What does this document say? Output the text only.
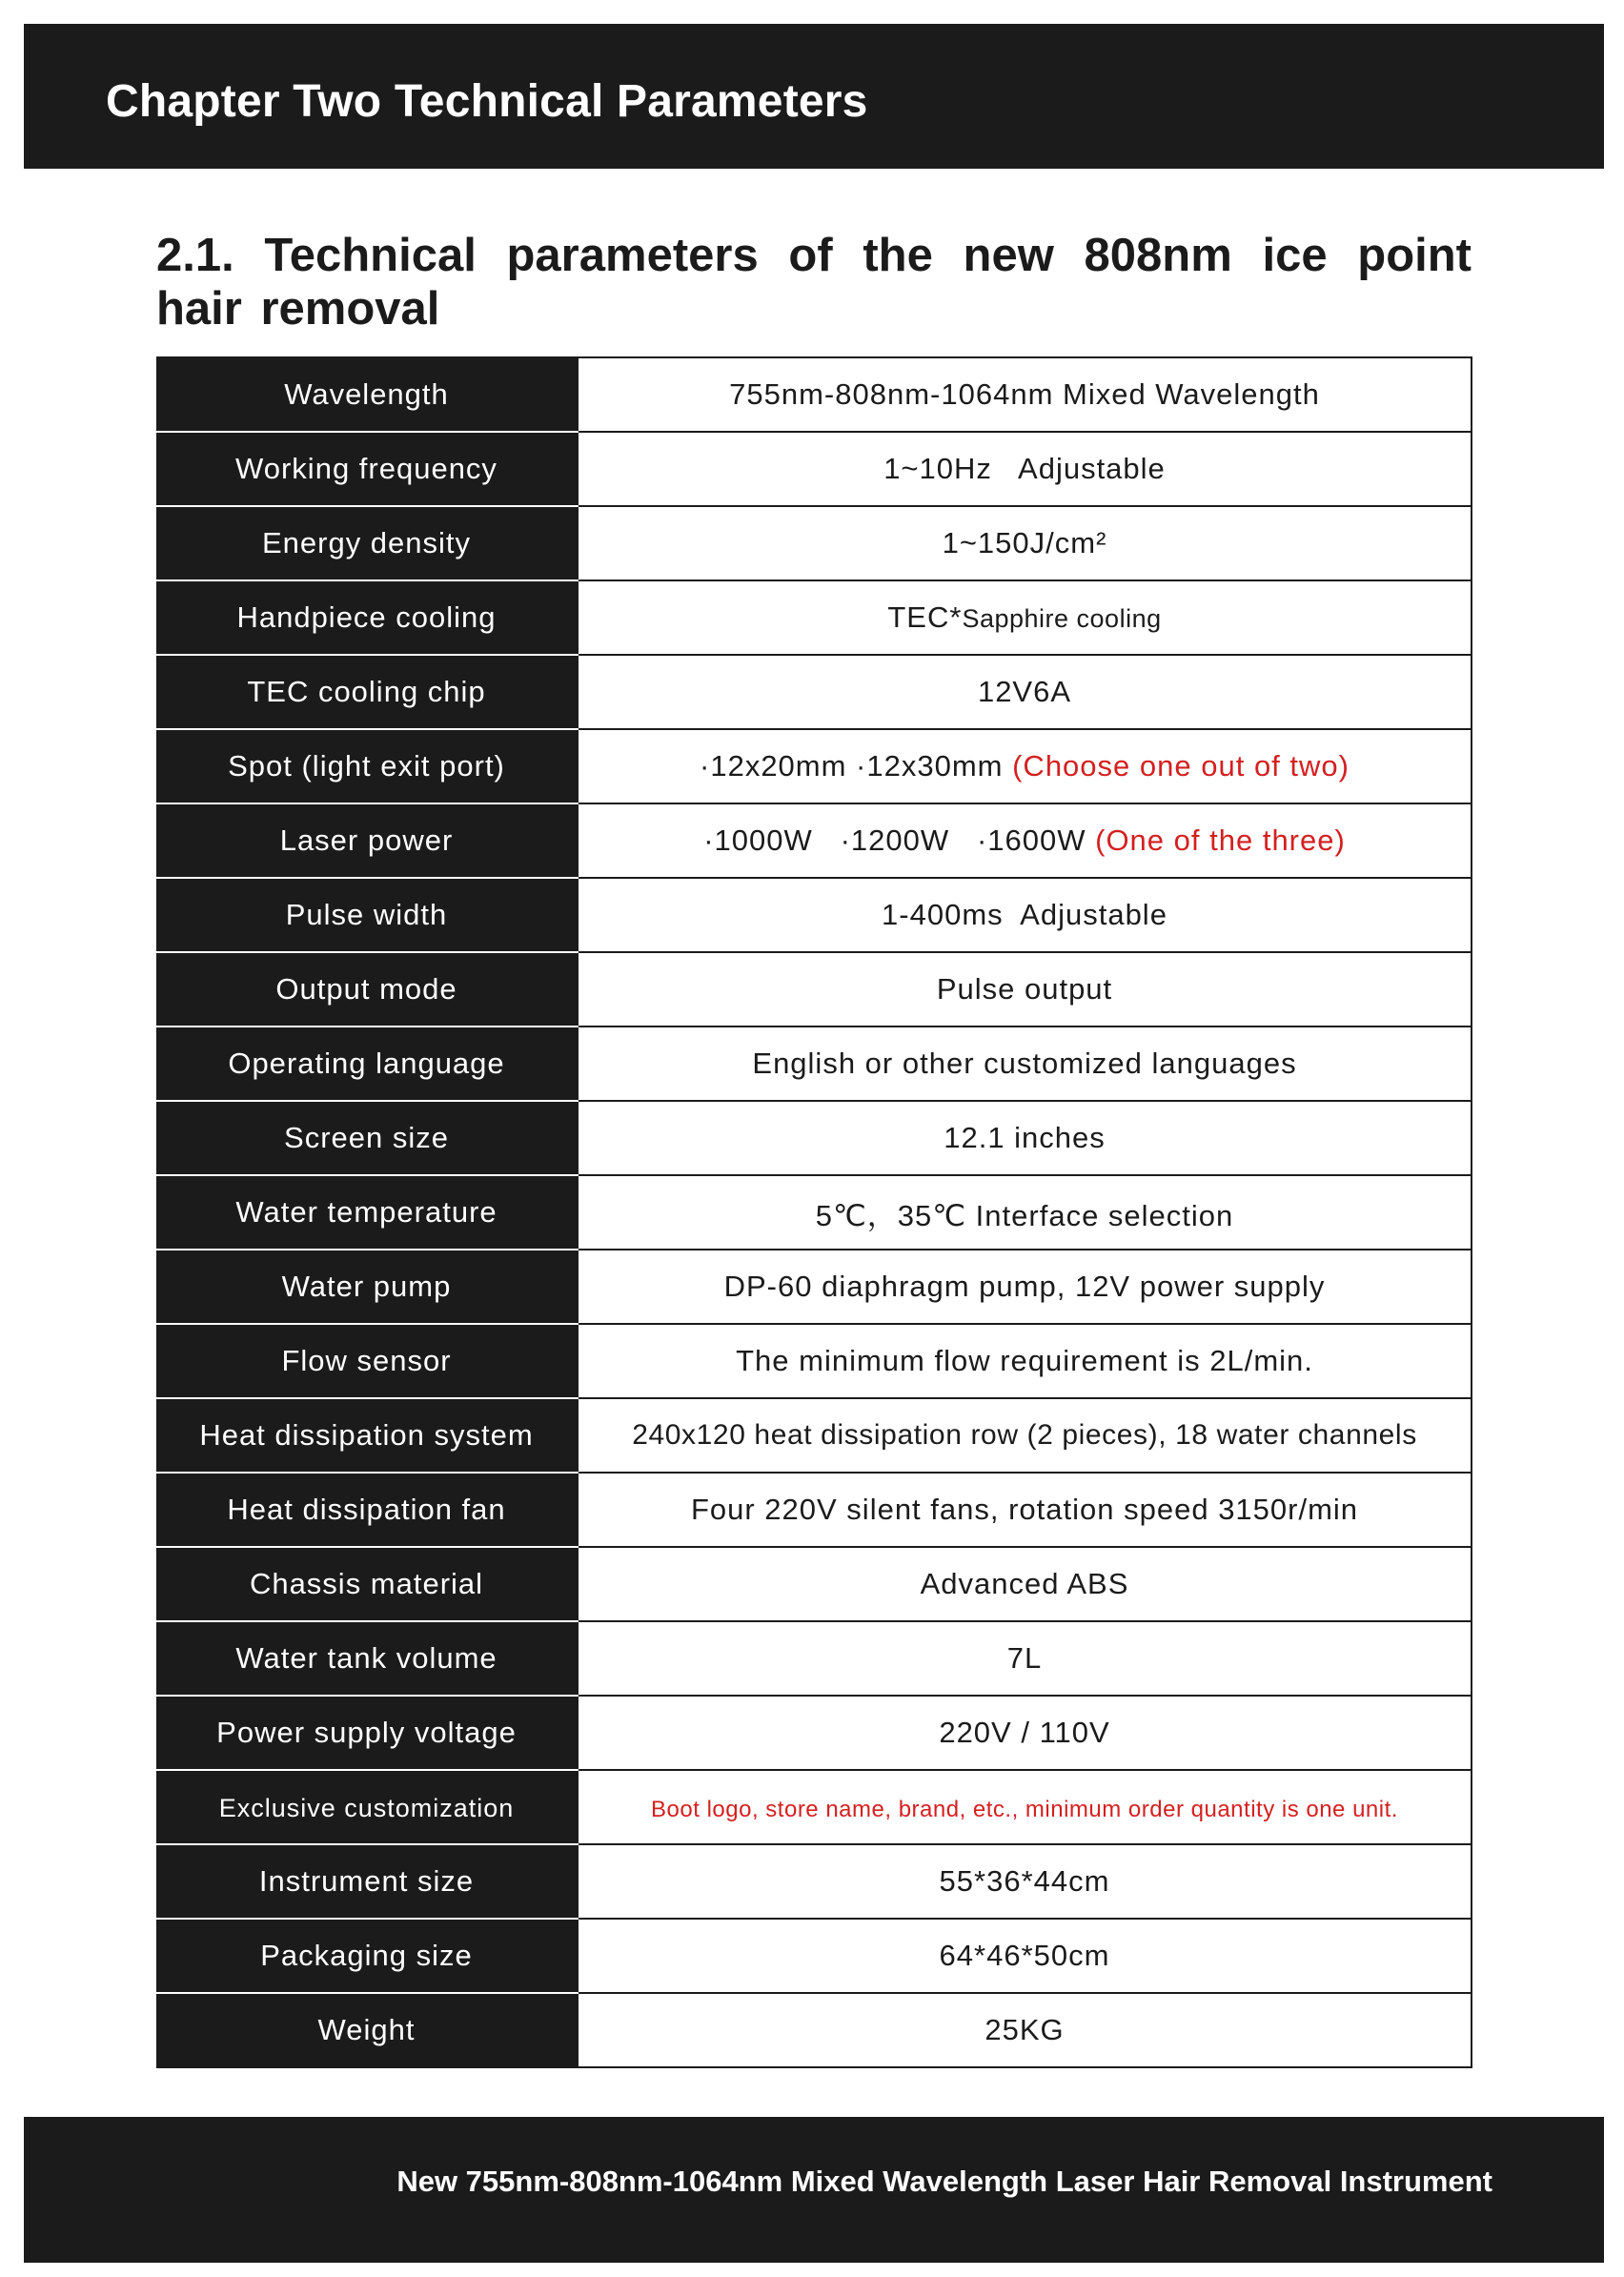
Chapter Two Technical Parameters
2.1. Technical parameters of the new 808nm ice point hair removal
Wavelength	755nm-808nm-1064nm Mixed Wavelength
Working frequency	1~10Hz   Adjustable
Energy density	1~150J/cm²
Handpiece cooling	TEC*Sapphire cooling
TEC cooling chip	12V6A
Spot (light exit port)	·12x20mm ·12x30mm (Choose one out of two)
Laser power	·1000W   ·1200W   ·1600W (One of the three)
Pulse width	1-400ms  Adjustable
Output mode	Pulse output
Operating language	English or other customized languages
Screen size	12.1 inches
Water temperature	5℃，35℃ Interface selection
Water pump	DP-60 diaphragm pump, 12V power supply
Flow sensor	The minimum flow requirement is 2L/min.
Heat dissipation system	240x120 heat dissipation row (2 pieces), 18 water channels
Heat dissipation fan	Four 220V silent fans, rotation speed 3150r/min
Chassis material	Advanced ABS
Water tank volume	7L
Power supply voltage	220V / 110V
Exclusive customization	Boot logo, store name, brand, etc., minimum order quantity is one unit.
Instrument size	55*36*44cm
Packaging size	64*46*50cm
Weight	25KG

New 755nm-808nm-1064nm Mixed Wavelength Laser Hair Removal Instrument
